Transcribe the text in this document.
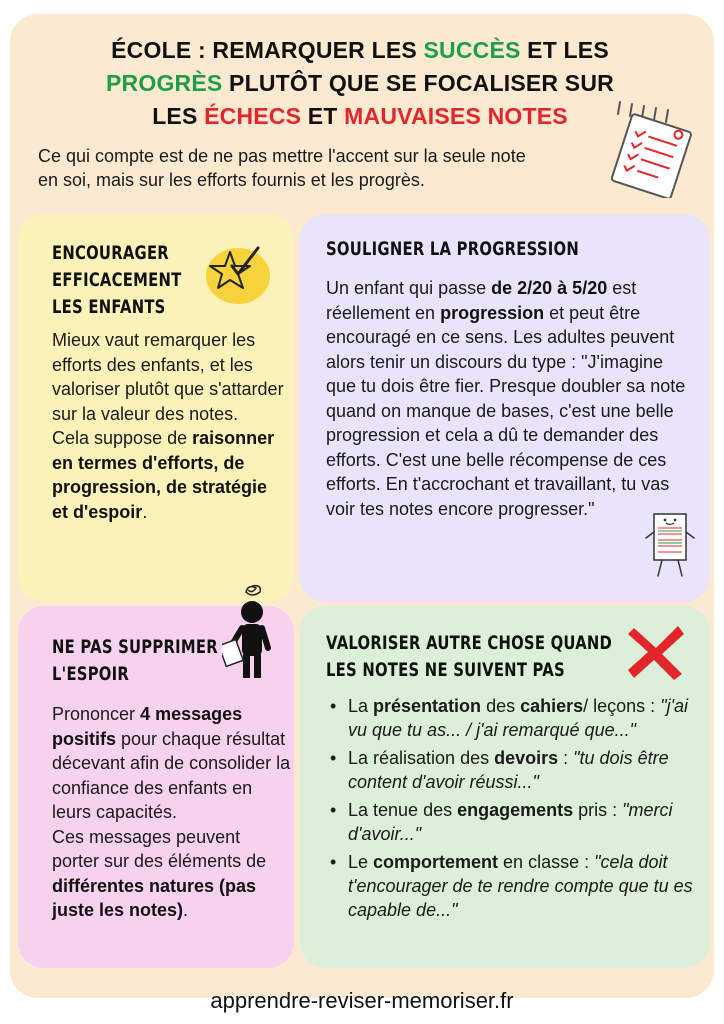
ÉCOLE : REMARQUER LES SUCCÈS ET LES
PROGRÈS PLUTÔT QUE SE FOCALISER SUR
LES ÉCHECS ET MAUVAISES NOTES

Ce qui compte est de ne pas mettre l'accent sur la seule note
en soi, mais sur les efforts fournis et les progrès.

ENCOURAGER
EFFICACEMENT
LES ENFANTS
Mieux vaut remarquer les efforts des enfants, et les valoriser plutôt que s'attarder sur la valeur des notes.
Cela suppose de raisonner en termes d'efforts, de progression, de stratégie et d'espoir.
SOULIGNER LA PROGRESSION
Un enfant qui passe de 2/20 à 5/20 est réellement en progression et peut être encouragé en ce sens. Les adultes peuvent alors tenir un discours du type : "J'imagine que tu dois être fier. Presque doubler sa note quand on manque de bases, c'est une belle progression et cela a dû te demander des efforts. C'est une belle récompense de ces efforts. En t'accrochant et travaillant, tu vas voir tes notes encore progresser."
NE PAS SUPPRIMER
L'ESPOIR
Prononcer 4 messages positifs pour chaque résultat décevant afin de consolider la confiance des enfants en leurs capacités.
Ces messages peuvent porter sur des éléments de différentes natures (pas juste les notes).
VALORISER AUTRE CHOSE QUAND
LES NOTES NE SUIVENT PAS
• La présentation des cahiers/ leçons : "j'ai vu que tu as... / j'ai remarqué que..."
• La réalisation des devoirs : "tu dois être content d'avoir réussi..."
• La tenue des engagements pris : "merci d'avoir..."
• Le comportement en classe : "cela doit t'encourager de te rendre compte que tu es capable de..."
apprendre-reviser-memoriser.fr
